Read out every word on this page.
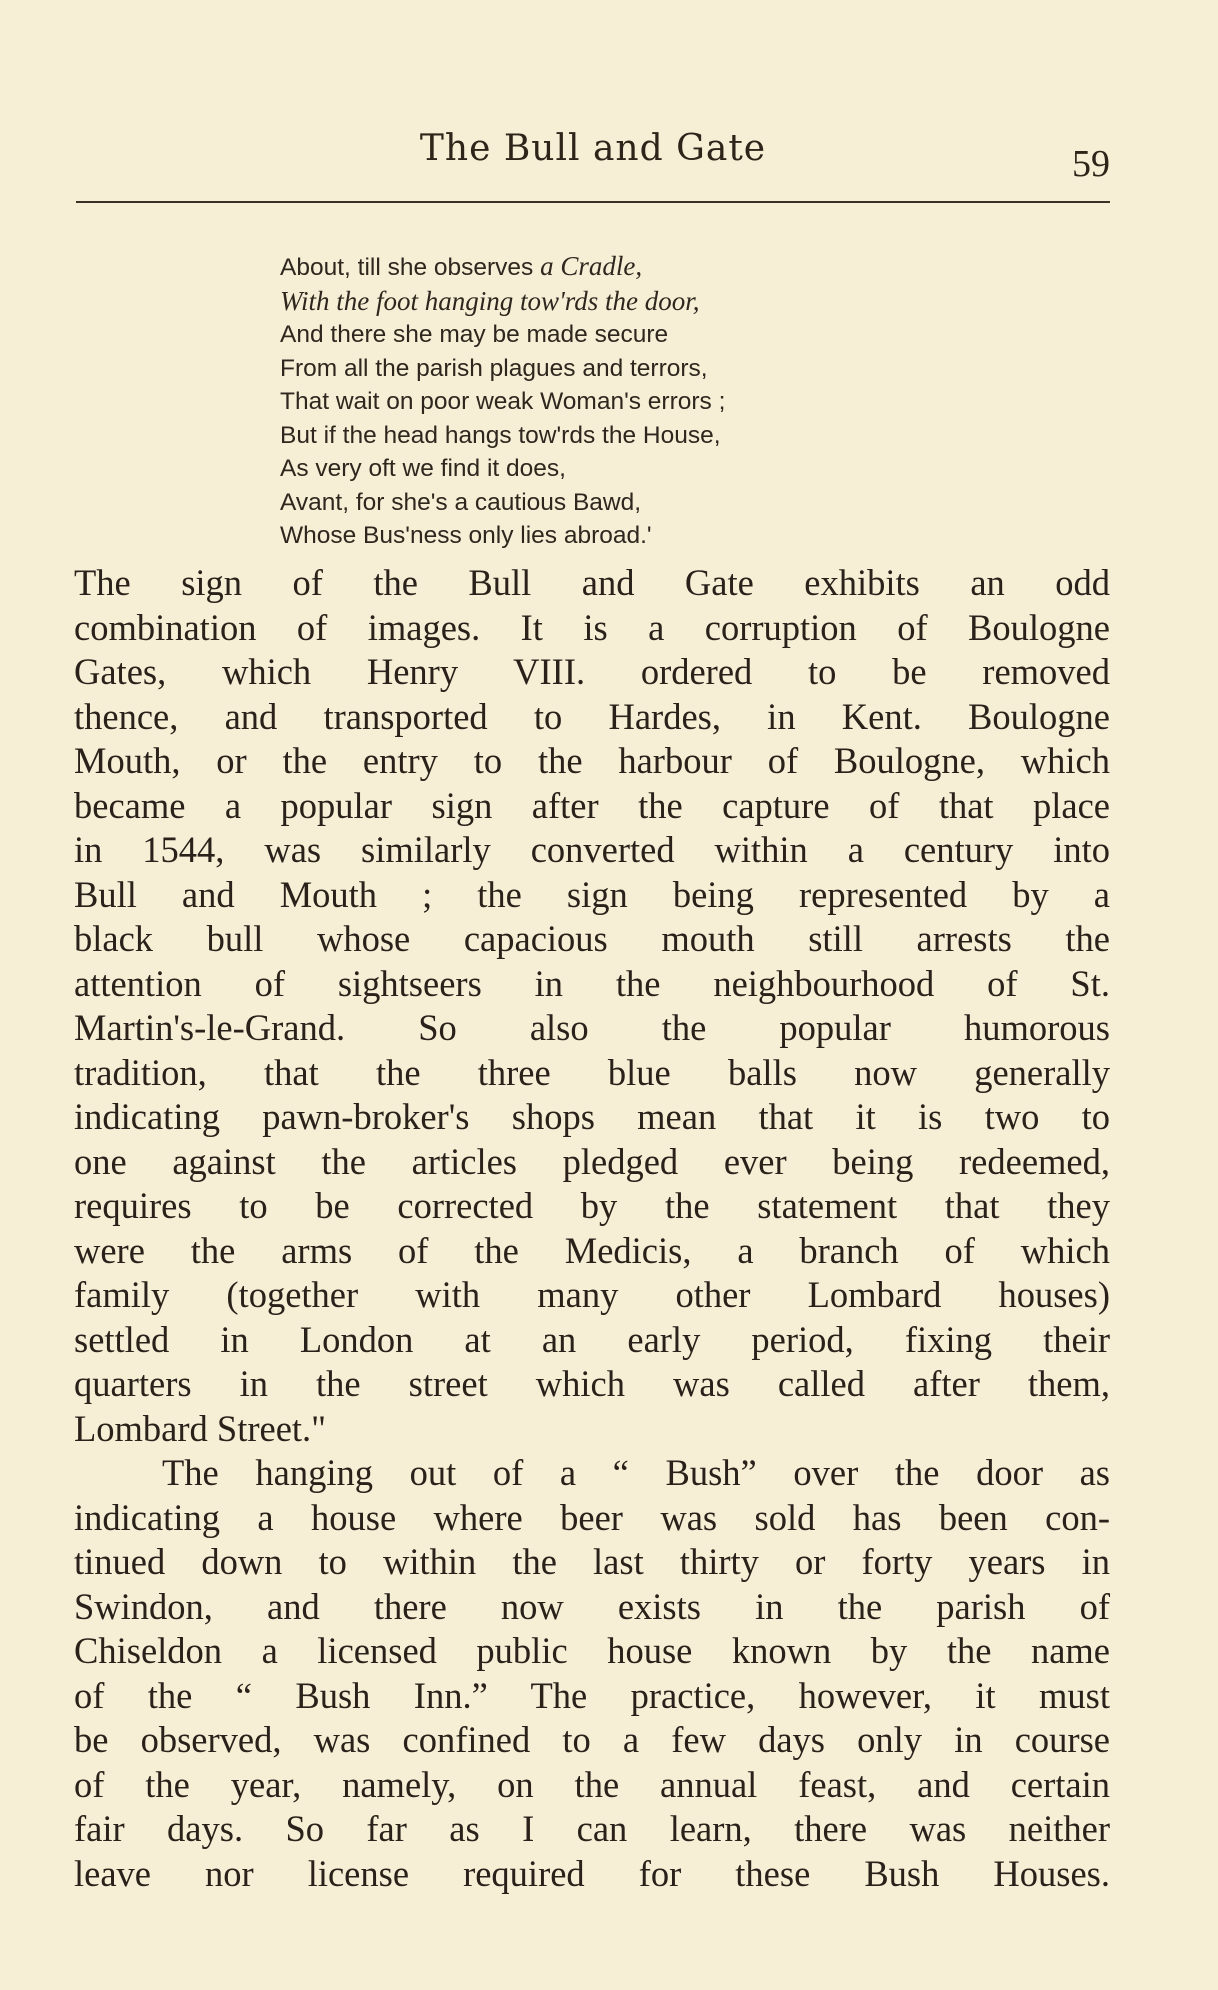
The Bull and Gate	59
About, till she observes a Cradle,
With the foot hanging tow'rds the door,
And there she may be made secure
From all the parish plagues and terrors,
That wait on poor weak Woman's errors ;
But if the head hangs tow'rds the House,
As very oft we find it does,
Avant, for she's a cautious Bawd,
Whose Bus'ness only lies abroad.'
The sign of the Bull and Gate exhibits an odd
combination of images. It is a corruption of Boulogne
Gates, which Henry VIII. ordered to be removed
thence, and transported to Hardes, in Kent. Boulogne
Mouth, or the entry to the harbour of Boulogne, which
became a popular sign after the capture of that place
in 1544, was similarly converted within a century into
Bull and Mouth ; the sign being represented by a
black bull whose capacious mouth still arrests the
attention of sightseers in the neighbourhood of St.
Martin's-le-Grand. So also the popular humorous
tradition, that the three blue balls now generally
indicating pawn-broker's shops mean that it is two to
one against the articles pledged ever being redeemed,
requires to be corrected by the statement that they
were the arms of the Medicis, a branch of which
family (together with many other Lombard houses)
settled in London at an early period, fixing their
quarters in the street which was called after them,
Lombard Street."
The hanging out of a “ Bush” over the door as
indicating a house where beer was sold has been con-
tinued down to within the last thirty or forty years in
Swindon, and there now exists in the parish of
Chiseldon a licensed public house known by the name
of the “ Bush Inn.” The practice, however, it must
be observed, was confined to a few days only in course
of the year, namely, on the annual feast, and certain
fair days. So far as I can learn, there was neither
leave nor license required for these Bush Houses.
